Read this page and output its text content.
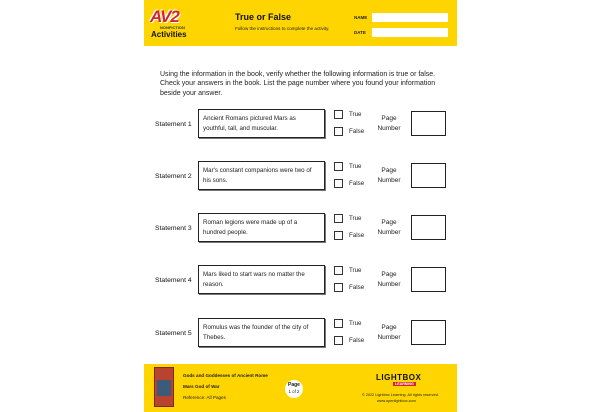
AV2
NONFICTION
Activities
True or False
Follow the instructions to complete the activity.
NAME
DATE
Using the information in the book, verify whether the following information is true or false. Check your answers in the book. List the page number where you found your information beside your answer.
Statement 1
Ancient Romans pictured Mars as youthful, tall, and muscular.
True
False
Page Number
Statement 2
Mar's constant companions were two of his sons.
True
False
Page Number
Statement 3
Roman legions were made up of a hundred people.
True
False
Page Number
Statement 4
Mars liked to start wars no matter the reason.
True
False
Page Number
Statement 5
Romulus was the founder of the city of Thebes.
True
False
Page Number
Gods and Goddesses of Ancient Rome
Mars God of War
Reference: All Pages
Page
1 of 2
LIGHTBOX
LEARNING
© 2022 Lightbox Learning. All rights reserved.
www.openlightbox.com
